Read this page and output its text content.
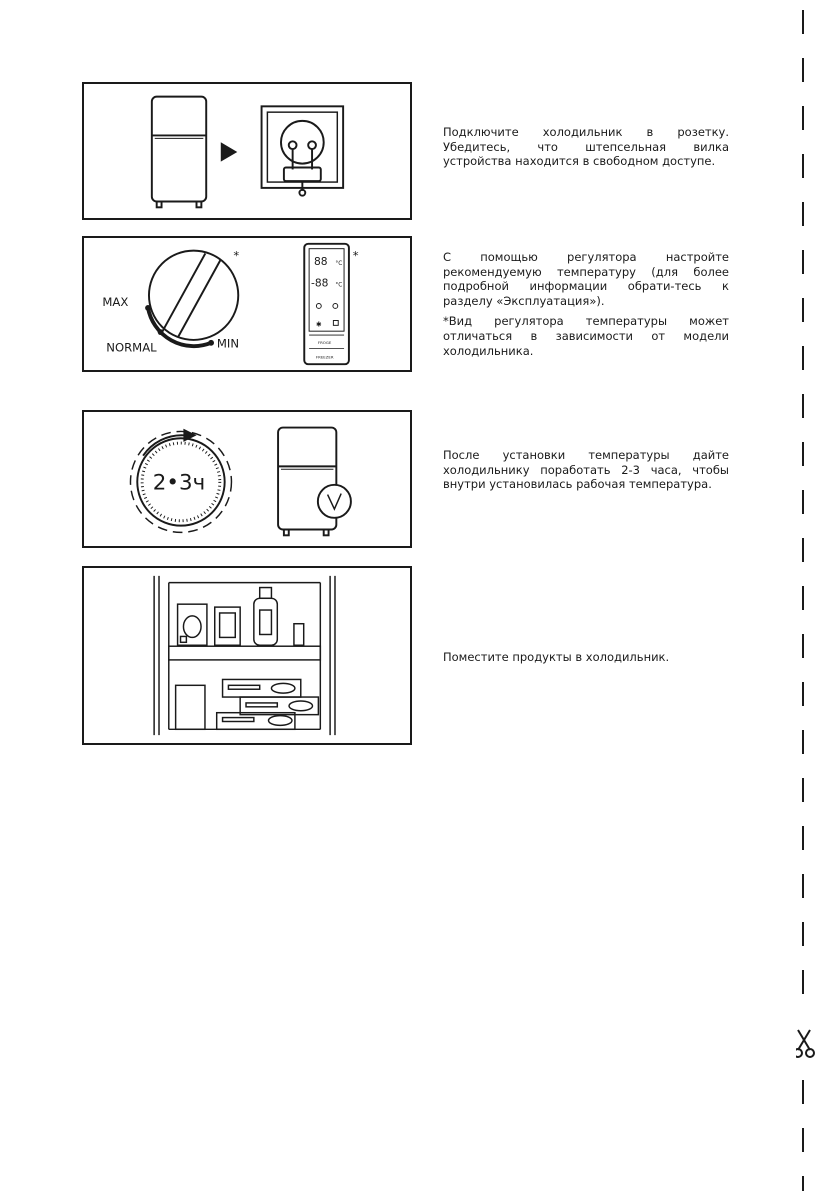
Подключите холодильник в розетку. Убедитесь, что штепсельная вилка устройства находится в свободном доступе.

MAX
NORMAL	MIN
*	88
-88
°C
°C
✱
FROGE
FREEZER
*	С помощью регулятора настройте рекомендуемую температуру (для более подробной информации обрати-тесь к разделу «Эксплуатация»).

*Вид регулятора температуры может отличаться в зависимости от модели холодильника.

2•3ч

После установки температуры дайте холодильнику поработать 2-3 часа, чтобы внутри установилась рабочая температура.

Поместите продукты в холодильник.
